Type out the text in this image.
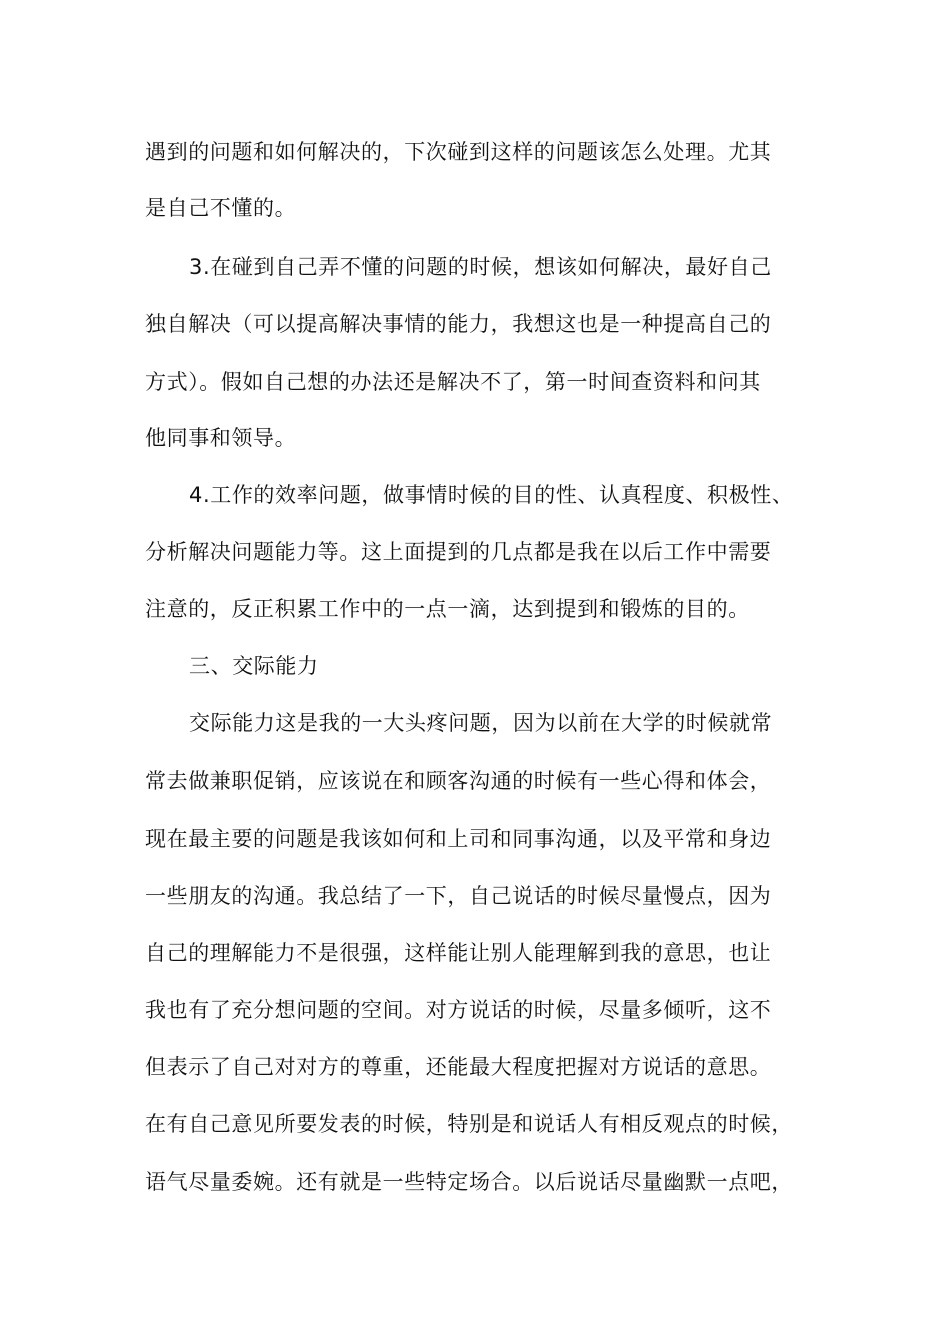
遇到的问题和如何解决的，下次碰到这样的问题该怎么处理。尤其
是自己不懂的。
3.在碰到自己弄不懂的问题的时候，想该如何解决，最好自己
独自解决（可以提高解决事情的能力，我想这也是一种提高自己的
方式）。假如自己想的办法还是解决不了，第一时间查资料和问其
他同事和领导。
4.工作的效率问题，做事情时候的目的性、认真程度、积极性、
分析解决问题能力等。这上面提到的几点都是我在以后工作中需要
注意的，反正积累工作中的一点一滴，达到提到和锻炼的目的。
三、交际能力
交际能力这是我的一大头疼问题，因为以前在大学的时候就常
常去做兼职促销，应该说在和顾客沟通的时候有一些心得和体会，
现在最主要的问题是我该如何和上司和同事沟通，以及平常和身边
一些朋友的沟通。我总结了一下，自己说话的时候尽量慢点，因为
自己的理解能力不是很强，这样能让别人能理解到我的意思，也让
我也有了充分想问题的空间。对方说话的时候，尽量多倾听，这不
但表示了自己对对方的尊重，还能最大程度把握对方说话的意思。
在有自己意见所要发表的时候，特别是和说话人有相反观点的时候，
语气尽量委婉。还有就是一些特定场合。以后说话尽量幽默一点吧，
